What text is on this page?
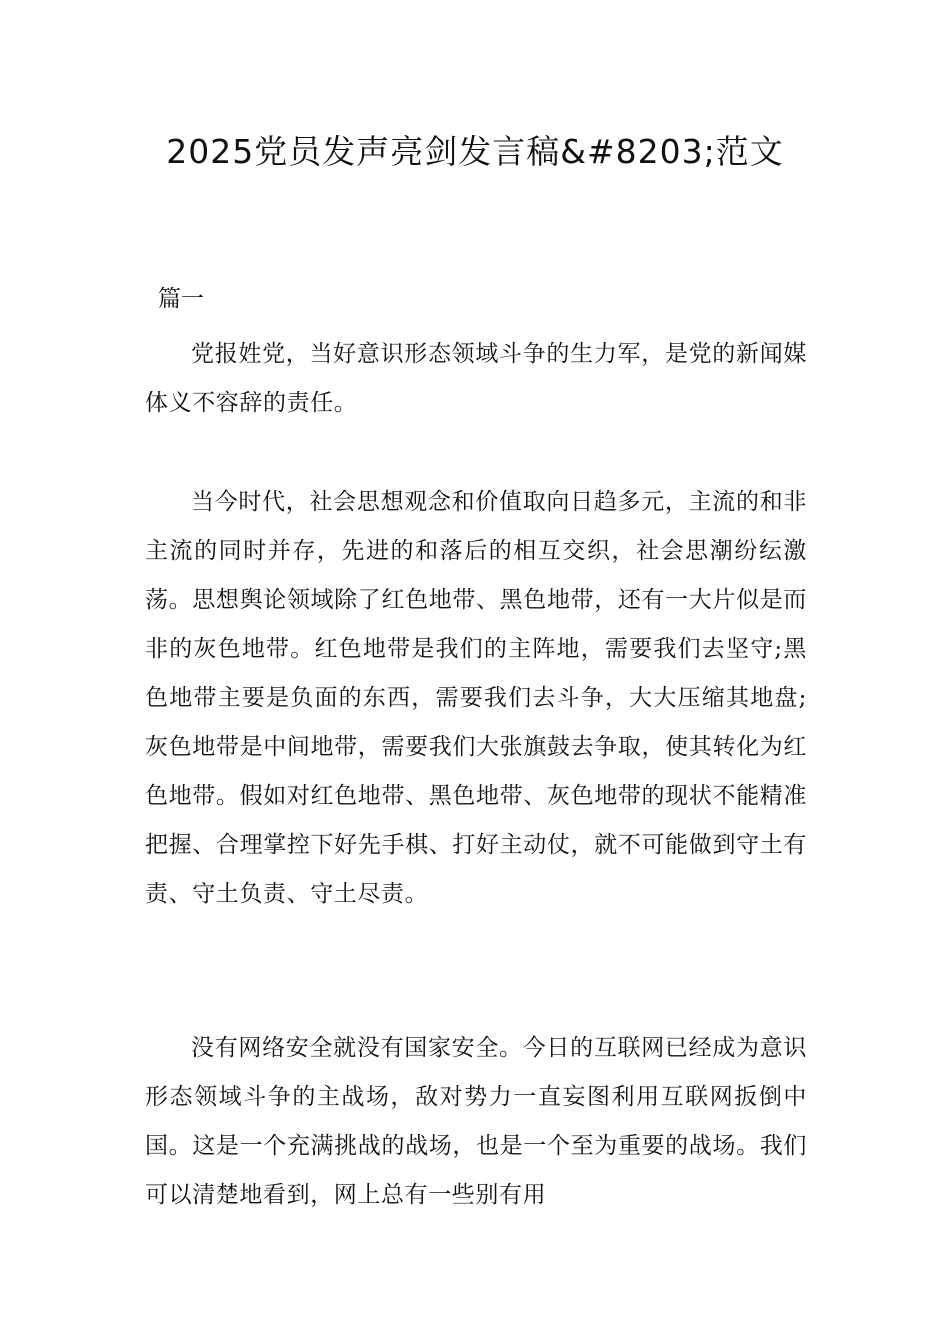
2025党员发声亮剑发言稿&#8203;范文
篇一

党报姓党，当好意识形态领域斗争的生力军，是党的新闻媒体义不容辞的责任。

当今时代，社会思想观念和价值取向日趋多元，主流的和非主流的同时并存，先进的和落后的相互交织，社会思潮纷纭激荡。思想舆论领域除了红色地带、黑色地带，还有一大片似是而非的灰色地带。红色地带是我们的主阵地，需要我们去坚守;黑色地带主要是负面的东西，需要我们去斗争，大大压缩其地盘;灰色地带是中间地带，需要我们大张旗鼓去争取，使其转化为红色地带。假如对红色地带、黑色地带、灰色地带的现状不能精准把握、合理掌控下好先手棋、打好主动仗，就不可能做到守土有责、守土负责、守土尽责。

没有网络安全就没有国家安全。今日的互联网已经成为意识形态领域斗争的主战场，敌对势力一直妄图利用互联网扳倒中国。这是一个充满挑战的战场，也是一个至为重要的战场。我们可以清楚地看到，网上总有一些别有用
